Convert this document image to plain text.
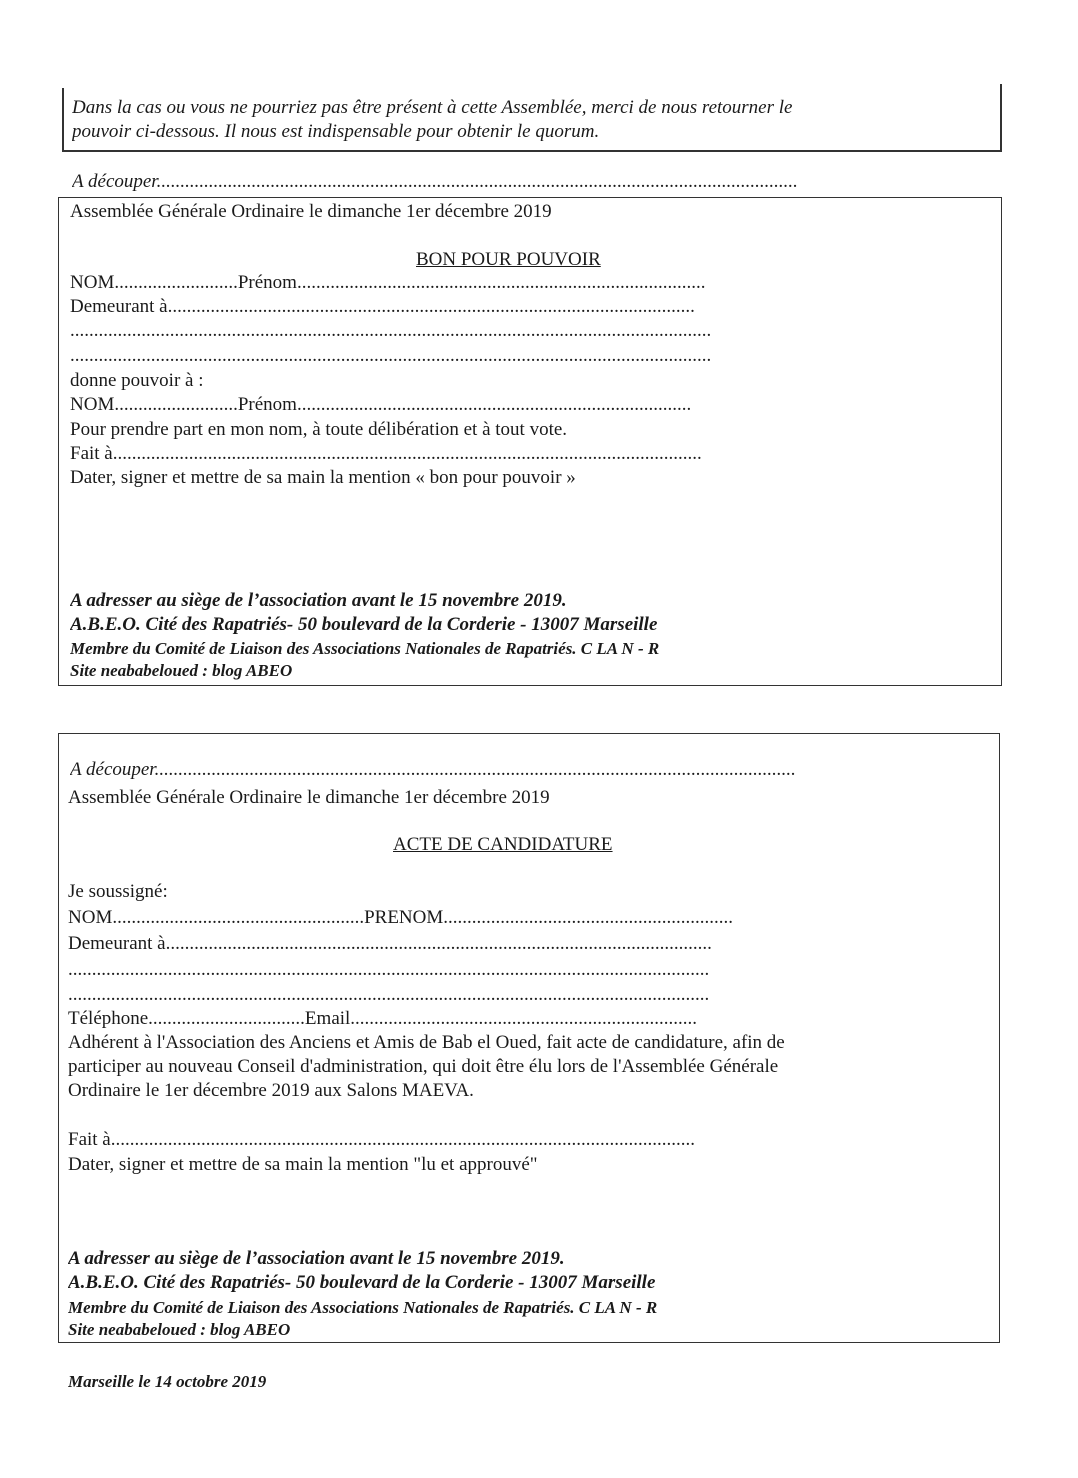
Dans la cas ou vous ne pourriez pas être présent à cette Assemblée, merci de nous retourner le
pouvoir ci-dessous. Il nous est indispensable pour obtenir le quorum.
A découper.......................................................................................................................................
Assemblée Générale Ordinaire le dimanche 1er décembre 2019
BON POUR POUVOIR
NOM..........................Prénom......................................................................................
Demeurant à...............................................................................................................
.......................................................................................................................................
.......................................................................................................................................
donne pouvoir à :
NOM..........................Prénom...................................................................................
Pour prendre part en mon nom, à toute délibération et à tout vote.
Fait à............................................................................................................................
Dater, signer et mettre de sa main la mention « bon pour pouvoir »
A adresser au siège de l’association avant le 15 novembre 2019.
A.B.E.O. Cité des Rapatriés- 50 boulevard de la Corderie - 13007 Marseille
Membre du Comité de Liaison des Associations Nationales de Rapatriés. C LA N - R
Site neababeloued : blog ABEO
A découper.......................................................................................................................................
Assemblée Générale Ordinaire le dimanche 1er décembre 2019
ACTE DE CANDIDATURE
Je soussigné:
NOM.....................................................PRENOM.............................................................
Demeurant à...................................................................................................................
.......................................................................................................................................
.......................................................................................................................................
Téléphone.................................Email.........................................................................
Adhérent à l'Association des Anciens et Amis de Bab el Oued, fait acte de candidature, afin de
participer au nouveau Conseil d'administration, qui doit être élu lors de l'Assemblée Générale
Ordinaire le 1er décembre 2019 aux Salons MAEVA.
Fait à...........................................................................................................................
Dater, signer et mettre de sa main la mention "lu et approuvé"
A adresser au siège de l’association avant le 15 novembre 2019.
A.B.E.O. Cité des Rapatriés- 50 boulevard de la Corderie - 13007 Marseille
Membre du Comité de Liaison des Associations Nationales de Rapatriés. C LA N - R
Site neababeloued : blog ABEO
Marseille le 14 octobre 2019
